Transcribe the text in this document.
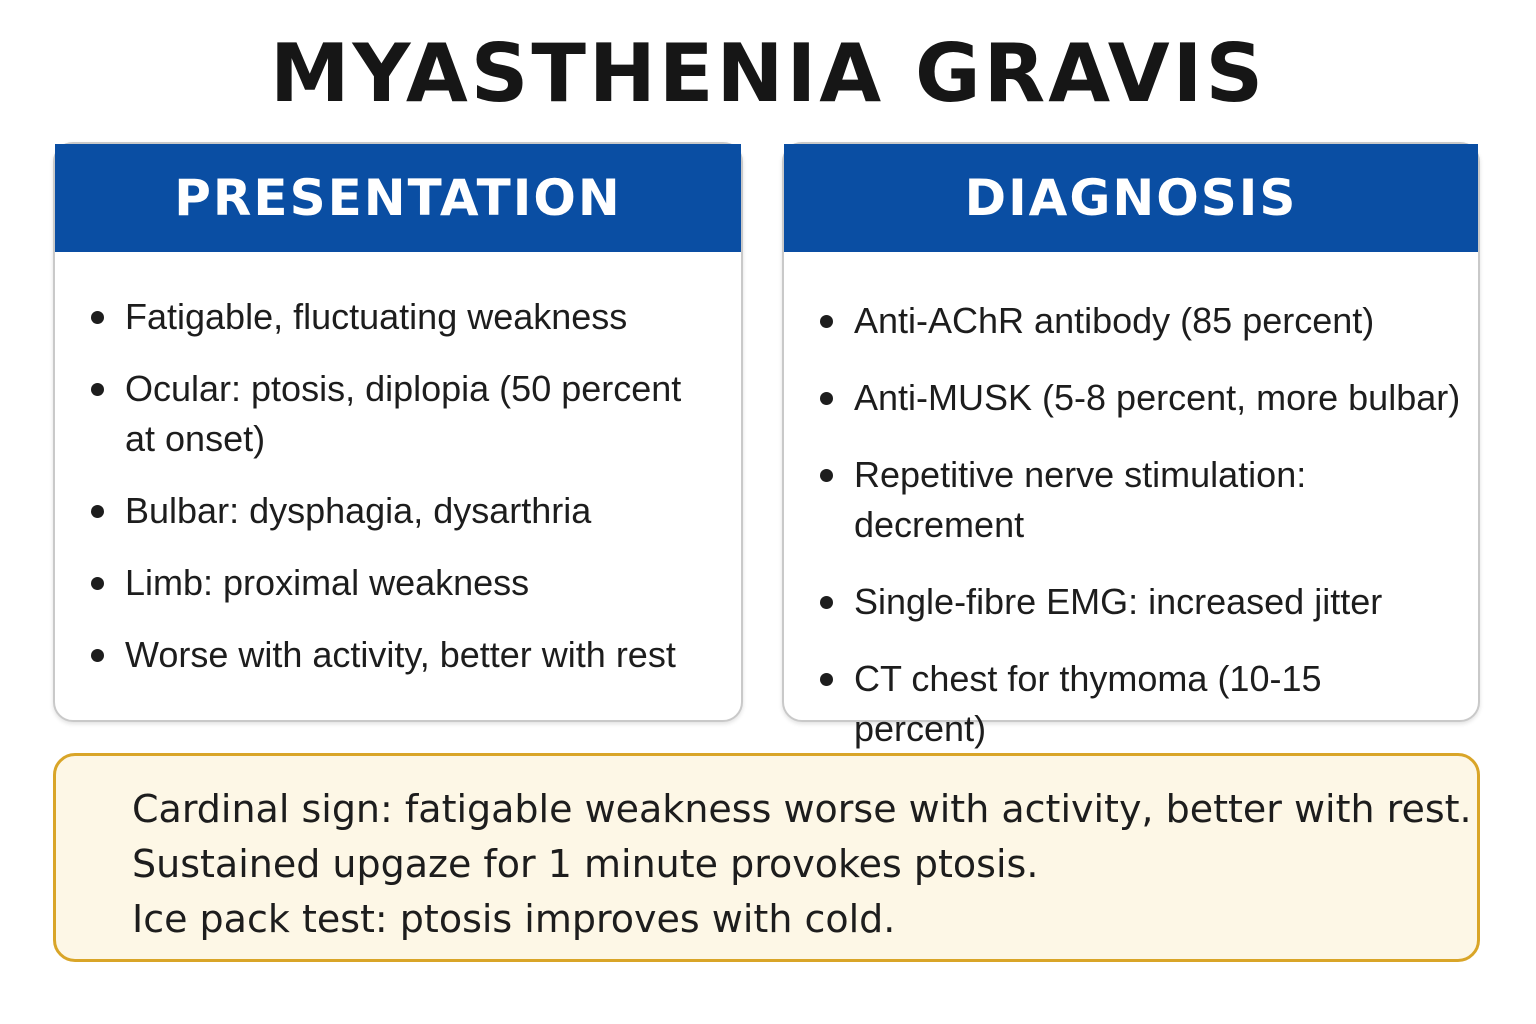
MYASTHENIA GRAVIS
PRESENTATION
Fatigable, fluctuating weakness
Ocular: ptosis, diplopia (50 percent at onset)
Bulbar: dysphagia, dysarthria
Limb: proximal weakness
Worse with activity, better with rest
DIAGNOSIS
Anti-AChR antibody (85 percent)
Anti-MUSK (5-8 percent, more bulbar)
Repetitive nerve stimulation: decrement
Single-fibre EMG: increased jitter
CT chest for thymoma (10-15 percent)
Cardinal sign: fatigable weakness worse with activity, better with rest.
Sustained upgaze for 1 minute provokes ptosis.
Ice pack test: ptosis improves with cold.
